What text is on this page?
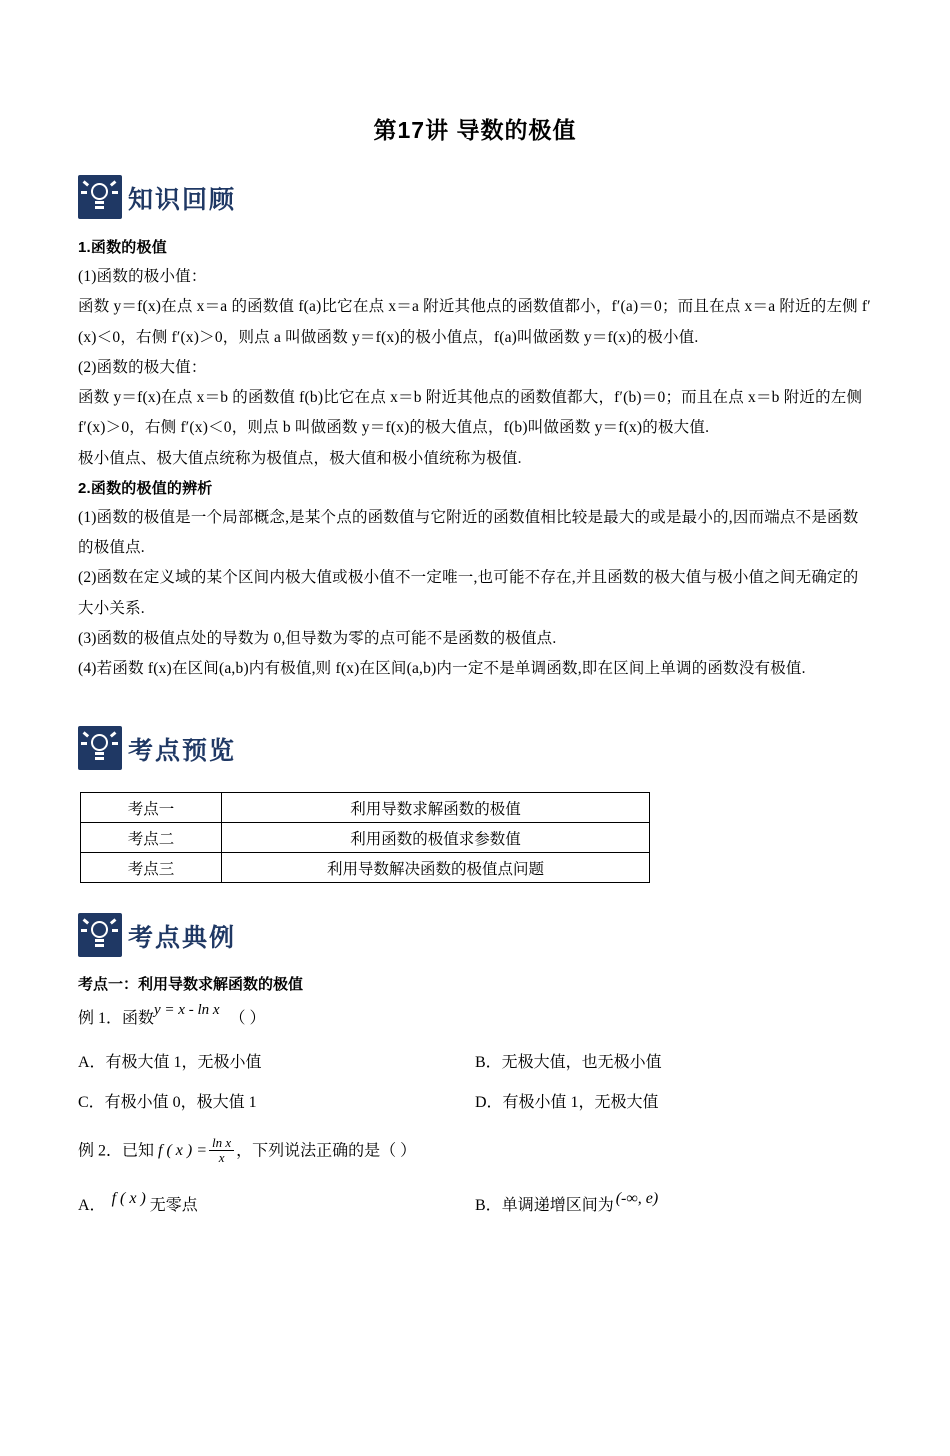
第17讲 导数的极值
知识回顾

1.函数的极值

(1)函数的极小值：

函数 y＝f(x)在点 x＝a 的函数值 f(a)比它在点 x＝a 附近其他点的函数值都小，f′(a)＝0；而且在点 x＝a 附近的左侧 f′(x)＜0，右侧 f′(x)＞0，则点 a 叫做函数 y＝f(x)的极小值点，f(a)叫做函数 y＝f(x)的极小值.

(2)函数的极大值：

函数 y＝f(x)在点 x＝b 的函数值 f(b)比它在点 x＝b 附近其他点的函数值都大，f′(b)＝0；而且在点 x＝b 附近的左侧 f′(x)＞0，右侧 f′(x)＜0，则点 b 叫做函数 y＝f(x)的极大值点，f(b)叫做函数 y＝f(x)的极大值.

极小值点、极大值点统称为极值点，极大值和极小值统称为极值.

2.函数的极值的辨析

(1)函数的极值是一个局部概念,是某个点的函数值与它附近的函数值相比较是最大的或是最小的,因而端点不是函数的极值点.

(2)函数在定义域的某个区间内极大值或极小值不一定唯一,也可能不存在,并且函数的极大值与极小值之间无确定的大小关系.

(3)函数的极值点处的导数为 0,但导数为零的点可能不是函数的极值点.

(4)若函数 f(x)在区间(a,b)内有极值,则 f(x)在区间(a,b)内一定不是单调函数,即在区间上单调的函数没有极值.

考点预览
考点一	利用导数求解函数的极值
考点二	利用函数的极值求参数值
考点三	利用导数解决函数的极值点问题
考点典例
考点一：利用导数求解函数的极值
例 1．函数y = x - ln x （ ）
A．有极大值 1，无极小值	B．无极大值，也无极小值
C．有极小值 0，极大值 1	D．有极小值 1，无极大值
例 2．已知 f ( x ) = $\frac{\text{ln x}}{x}$ ，下列说法正确的是（ ）
A． f ( x ) 无零点	B．单调递增区间为 (-∞, e)
